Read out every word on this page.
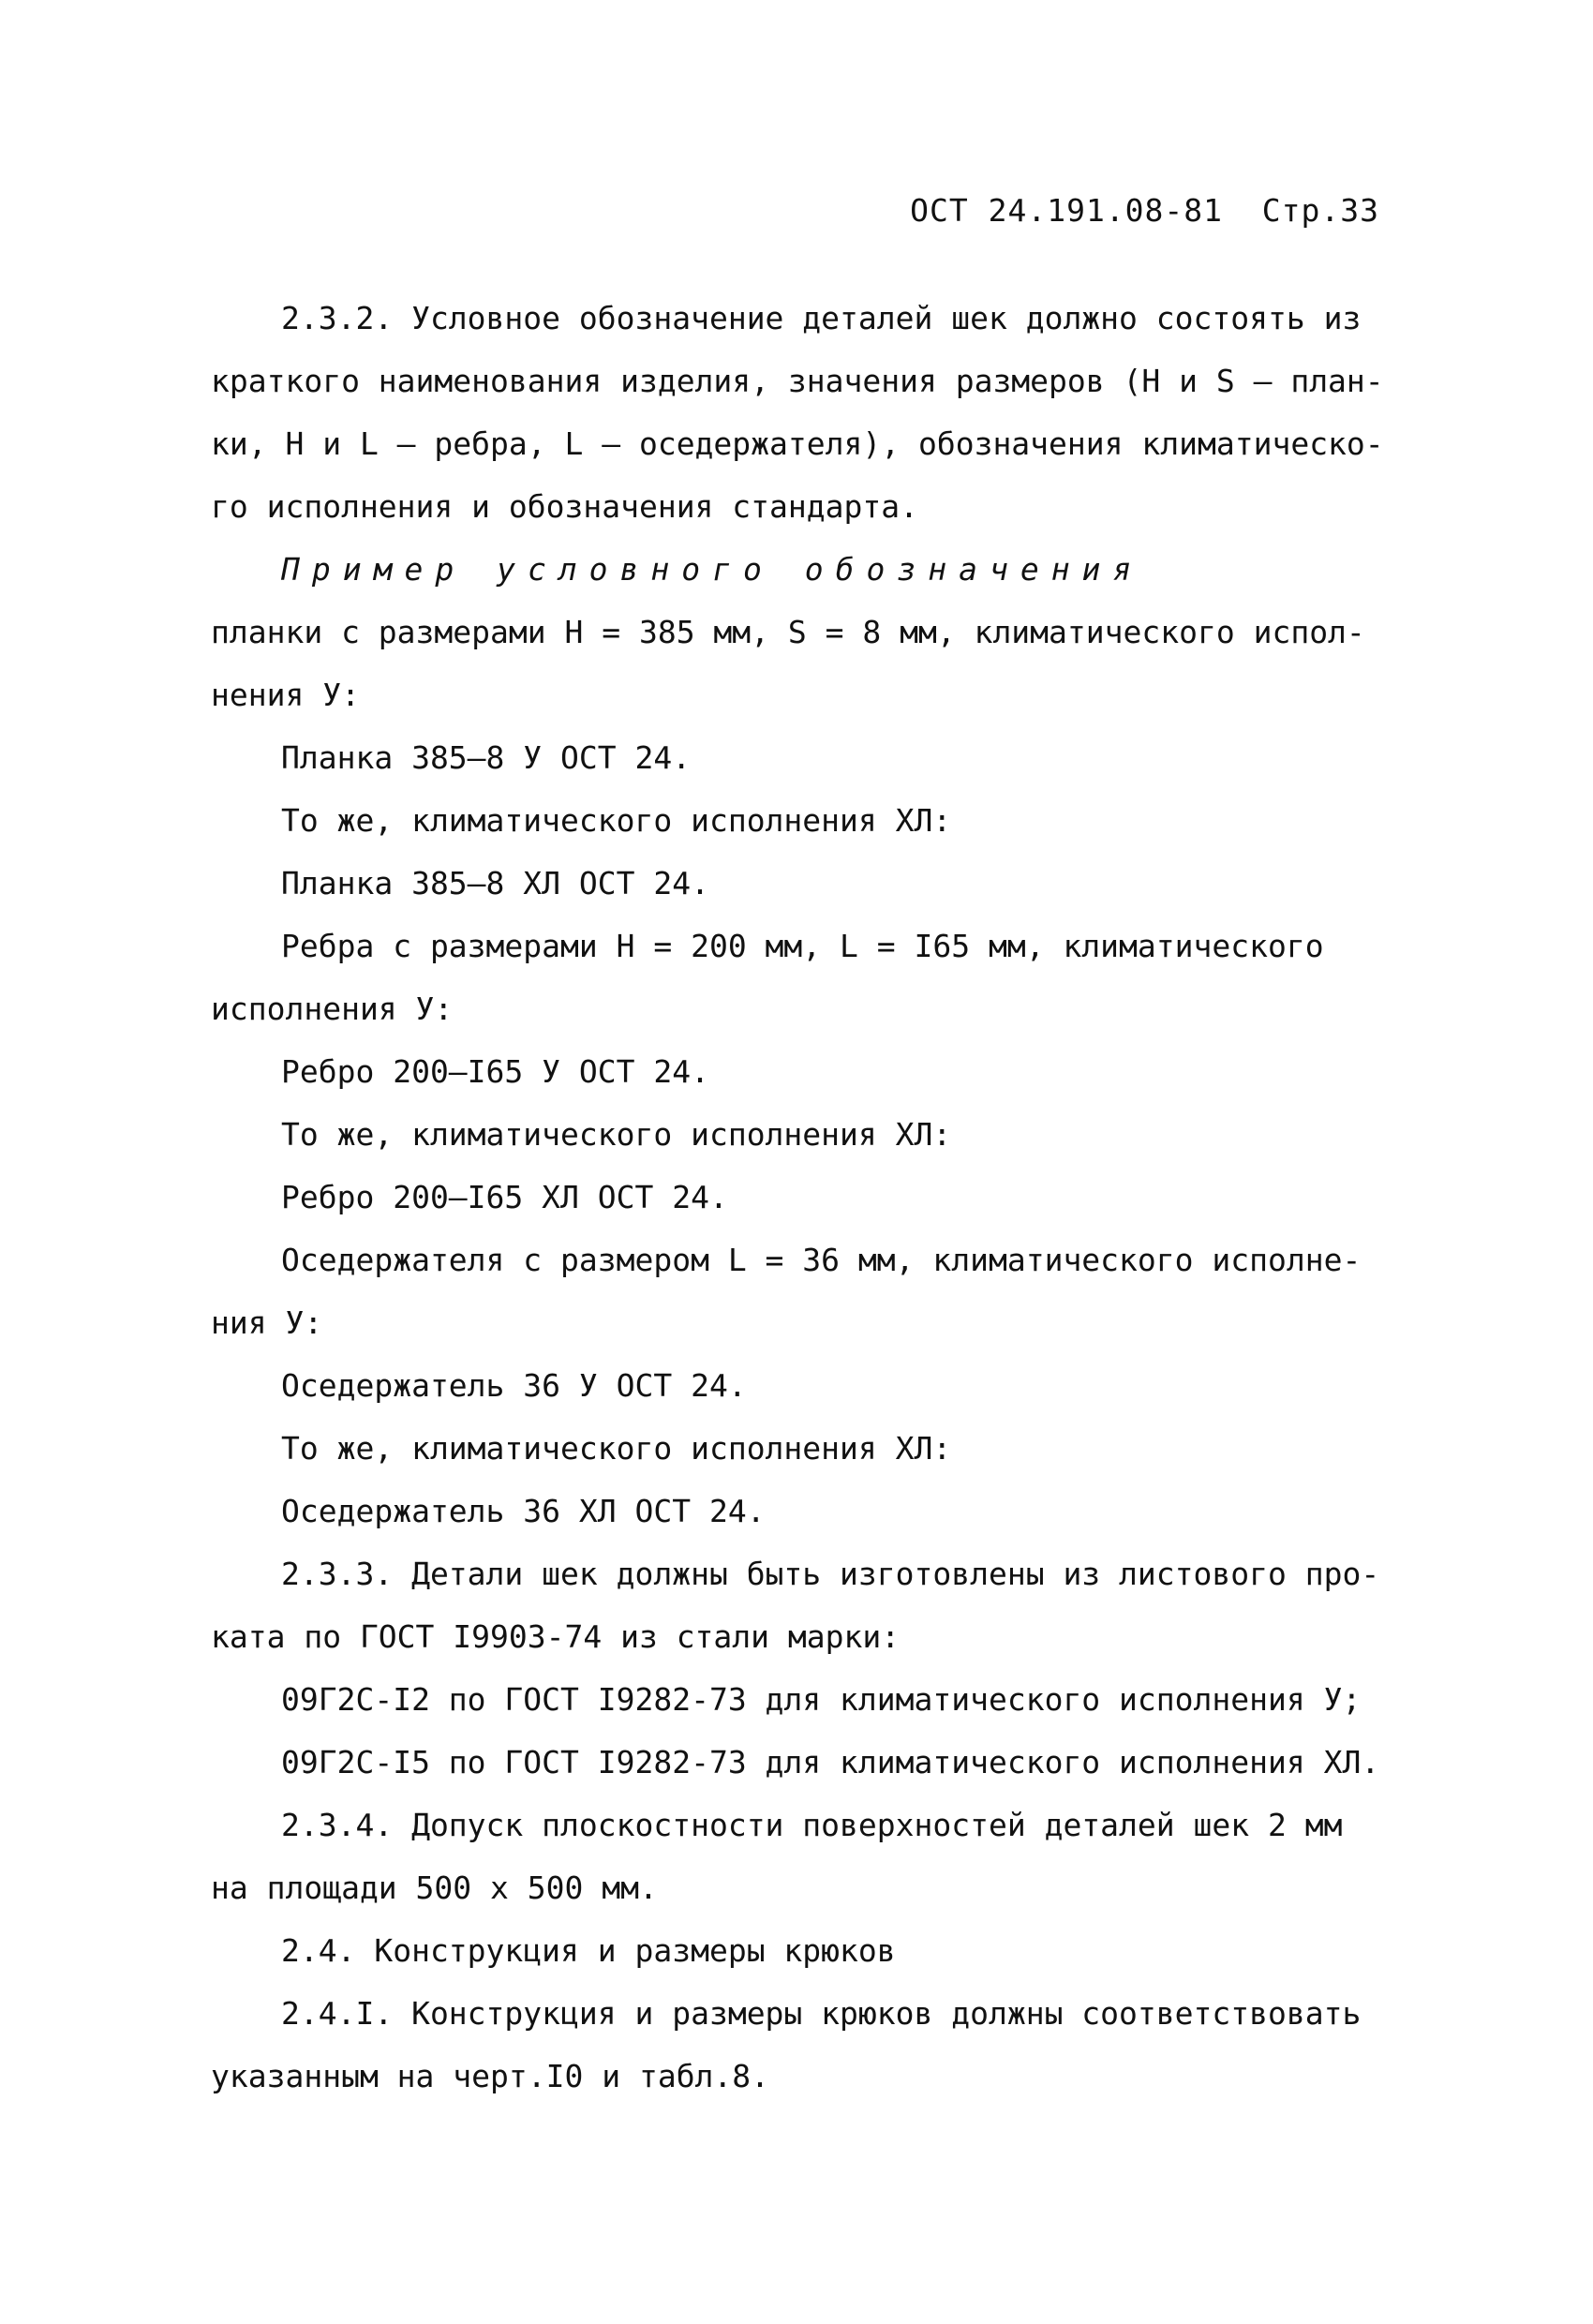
ОСТ 24.191.08-81 Стр.33
2.3.2. Условное обозначение деталей шек должно состоять из
краткого наименования изделия, значения размеров (Н и S – план-
ки, Н и L – ребра, L – оседержателя), обозначения климатическо-
го исполнения и обозначения стандарта.
Пример условного обозначения
планки с размерами Н = 385 мм, S = 8 мм, климатического испол-
нения У:
Планка 385–8 У ОСТ 24.
То же, климатического исполнения ХЛ:
Планка 385–8 ХЛ ОСТ 24.
Ребра с размерами Н = 200 мм, L = I65 мм, климатического
исполнения У:
Ребро 200–I65 У ОСТ 24.
То же, климатического исполнения ХЛ:
Ребро 200–I65 ХЛ ОСТ 24.
Оседержателя с размером L = 36 мм, климатического исполне-
ния У:
Оседержатель 36 У ОСТ 24.
То же, климатического исполнения ХЛ:
Оседержатель 36 ХЛ ОСТ 24.
2.3.3. Детали шек должны быть изготовлены из листового про-
ката по ГОСТ I9903-74 из стали марки:
09Г2С-I2 по ГОСТ I9282-73 для климатического исполнения У;
09Г2С-I5 по ГОСТ I9282-73 для климатического исполнения ХЛ.
2.3.4. Допуск плоскостности поверхностей деталей шек 2 мм
на площади 500 х 500 мм.
2.4. Конструкция и размеры крюков
2.4.I. Конструкция и размеры крюков должны соответствовать
указанным на черт.I0 и табл.8.
